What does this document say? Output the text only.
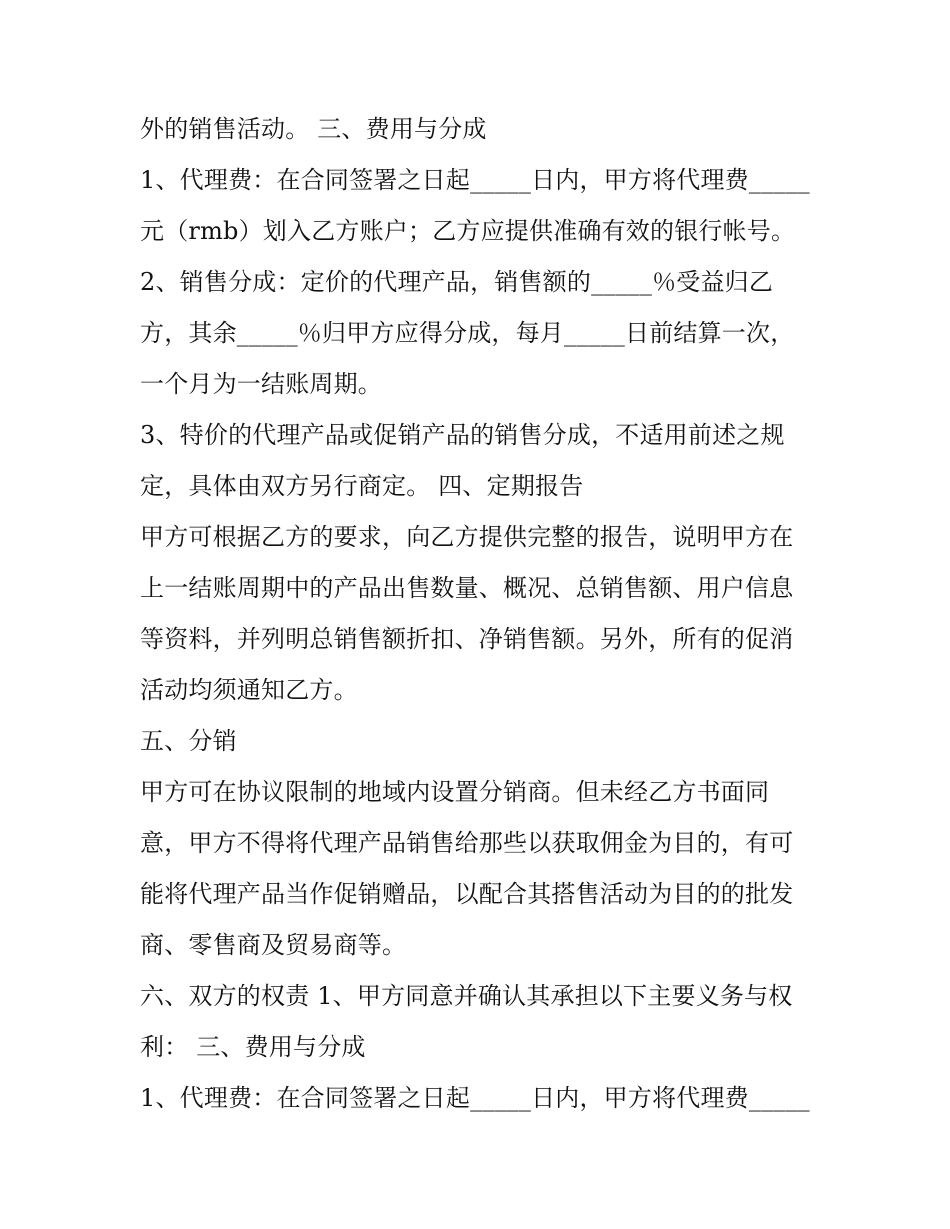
外的销售活动。 三、费用与分成
1、代理费：在合同签署之日起_____日内，甲方将代理费_____
元（rmb）划入乙方账户；乙方应提供准确有效的银行帐号。
2、销售分成：定价的代理产品，销售额的_____％受益归乙
方，其余_____％归甲方应得分成，每月_____日前结算一次，
一个月为一结账周期。
3、特价的代理产品或促销产品的销售分成，不适用前述之规
定，具体由双方另行商定。 四、定期报告
甲方可根据乙方的要求，向乙方提供完整的报告，说明甲方在
上一结账周期中的产品出售数量、概况、总销售额、用户信息
等资料，并列明总销售额折扣、净销售额。另外，所有的促消
活动均须通知乙方。
五、分销
甲方可在协议限制的地域内设置分销商。但未经乙方书面同
意，甲方不得将代理产品销售给那些以获取佣金为目的，有可
能将代理产品当作促销赠品，以配合其搭售活动为目的的批发
商、零售商及贸易商等。
六、双方的权责 1、甲方同意并确认其承担以下主要义务与权
利： 三、费用与分成
1、代理费：在合同签署之日起_____日内，甲方将代理费_____
